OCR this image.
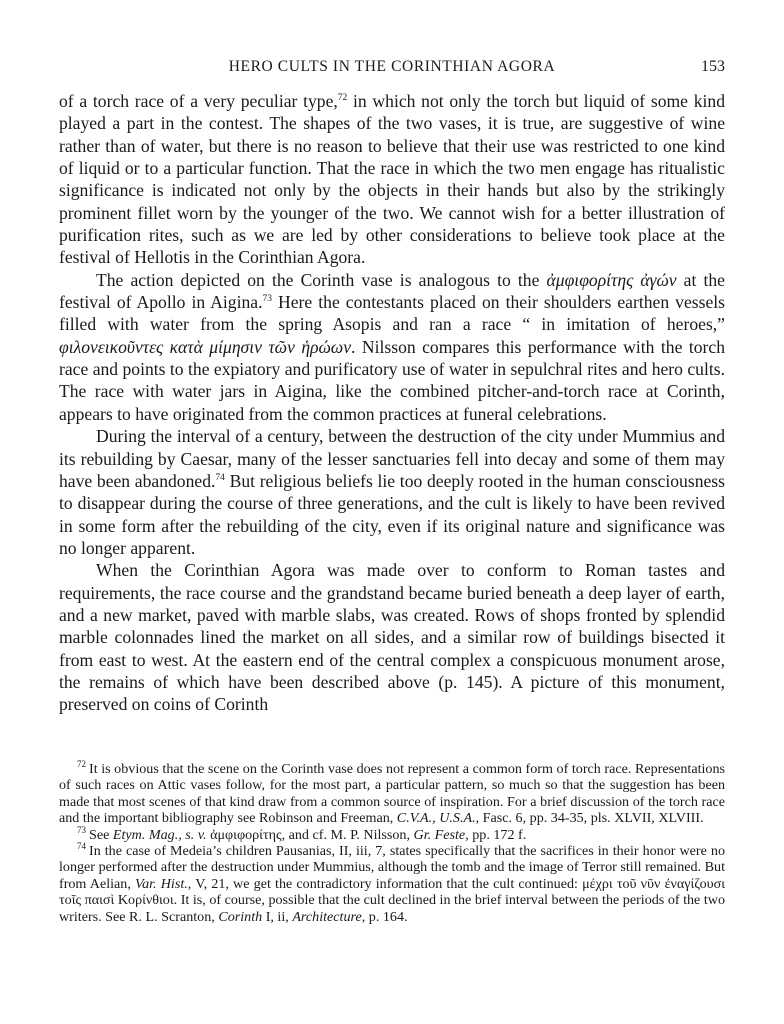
HERO CULTS IN THE CORINTHIAN AGORA	153

of a torch race of a very peculiar type,$^{72}$ in which not only the torch but liquid of some kind played a part in the contest. The shapes of the two vases, it is true, are suggestive of wine rather than of water, but there is no reason to believe that their use was restricted to one kind of liquid or to a particular function. That the race in which the two men engage has ritualistic significance is indicated not only by the objects in their hands but also by the strikingly prominent fillet worn by the younger of the two. We cannot wish for a better illustration of purification rites, such as we are led by other considerations to believe took place at the festival of Hellotis in the Corinthian Agora.

The action depicted on the Corinth vase is analogous to the ἀμφιφορίτης ἀγών at the festival of Apollo in Aigina.$^{73}$ Here the contestants placed on their shoulders earthen vessels filled with water from the spring Asopis and ran a race “ in imitation of heroes,” φιλονεικοῦντες κατὰ μίμησιν τῶν ἡρώων. Nilsson compares this performance with the torch race and points to the expiatory and purificatory use of water in sepulchral rites and hero cults. The race with water jars in Aigina, like the combined pitcher-and-torch race at Corinth, appears to have originated from the common practices at funeral celebrations.

During the interval of a century, between the destruction of the city under Mummius and its rebuilding by Caesar, many of the lesser sanctuaries fell into decay and some of them may have been abandoned.$^{74}$ But religious beliefs lie too deeply rooted in the human consciousness to disappear during the course of three generations, and the cult is likely to have been revived in some form after the rebuilding of the city, even if its original nature and significance was no longer apparent.

When the Corinthian Agora was made over to conform to Roman tastes and requirements, the race course and the grandstand became buried beneath a deep layer of earth, and a new market, paved with marble slabs, was created. Rows of shops fronted by splendid marble colonnades lined the market on all sides, and a similar row of buildings bisected it from east to west. At the eastern end of the central complex a conspicuous monument arose, the remains of which have been described above (p. 145). A picture of this monument, preserved on coins of Corinth

$^{72}$ It is obvious that the scene on the Corinth vase does not represent a common form of torch race. Representations of such races on Attic vases follow, for the most part, a particular pattern, so much so that the suggestion has been made that most scenes of that kind draw from a common source of inspiration. For a brief discussion of the torch race and the important bibliography see Robinson and Freeman, C.V.A., U.S.A., Fasc. 6, pp. 34-35, pls. XLVII, XLVIII.

$^{73}$ See Etym. Mag., s. v. ἀμφιφορίτης, and cf. M. P. Nilsson, Gr. Feste, pp. 172 f.

$^{74}$ In the case of Medeia’s children Pausanias, II, iii, 7, states specifically that the sacrifices in their honor were no longer performed after the destruction under Mummius, although the tomb and the image of Terror still remained. But from Aelian, Var. Hist., V, 21, we get the contradictory information that the cult continued: μέχρι τοῦ νῦν ἐναγίζουσι τοῖς παισὶ Κορίνθιοι. It is, of course, possible that the cult declined in the brief interval between the periods of the two writers. See R. L. Scranton, Corinth I, ii, Architecture, p. 164.
